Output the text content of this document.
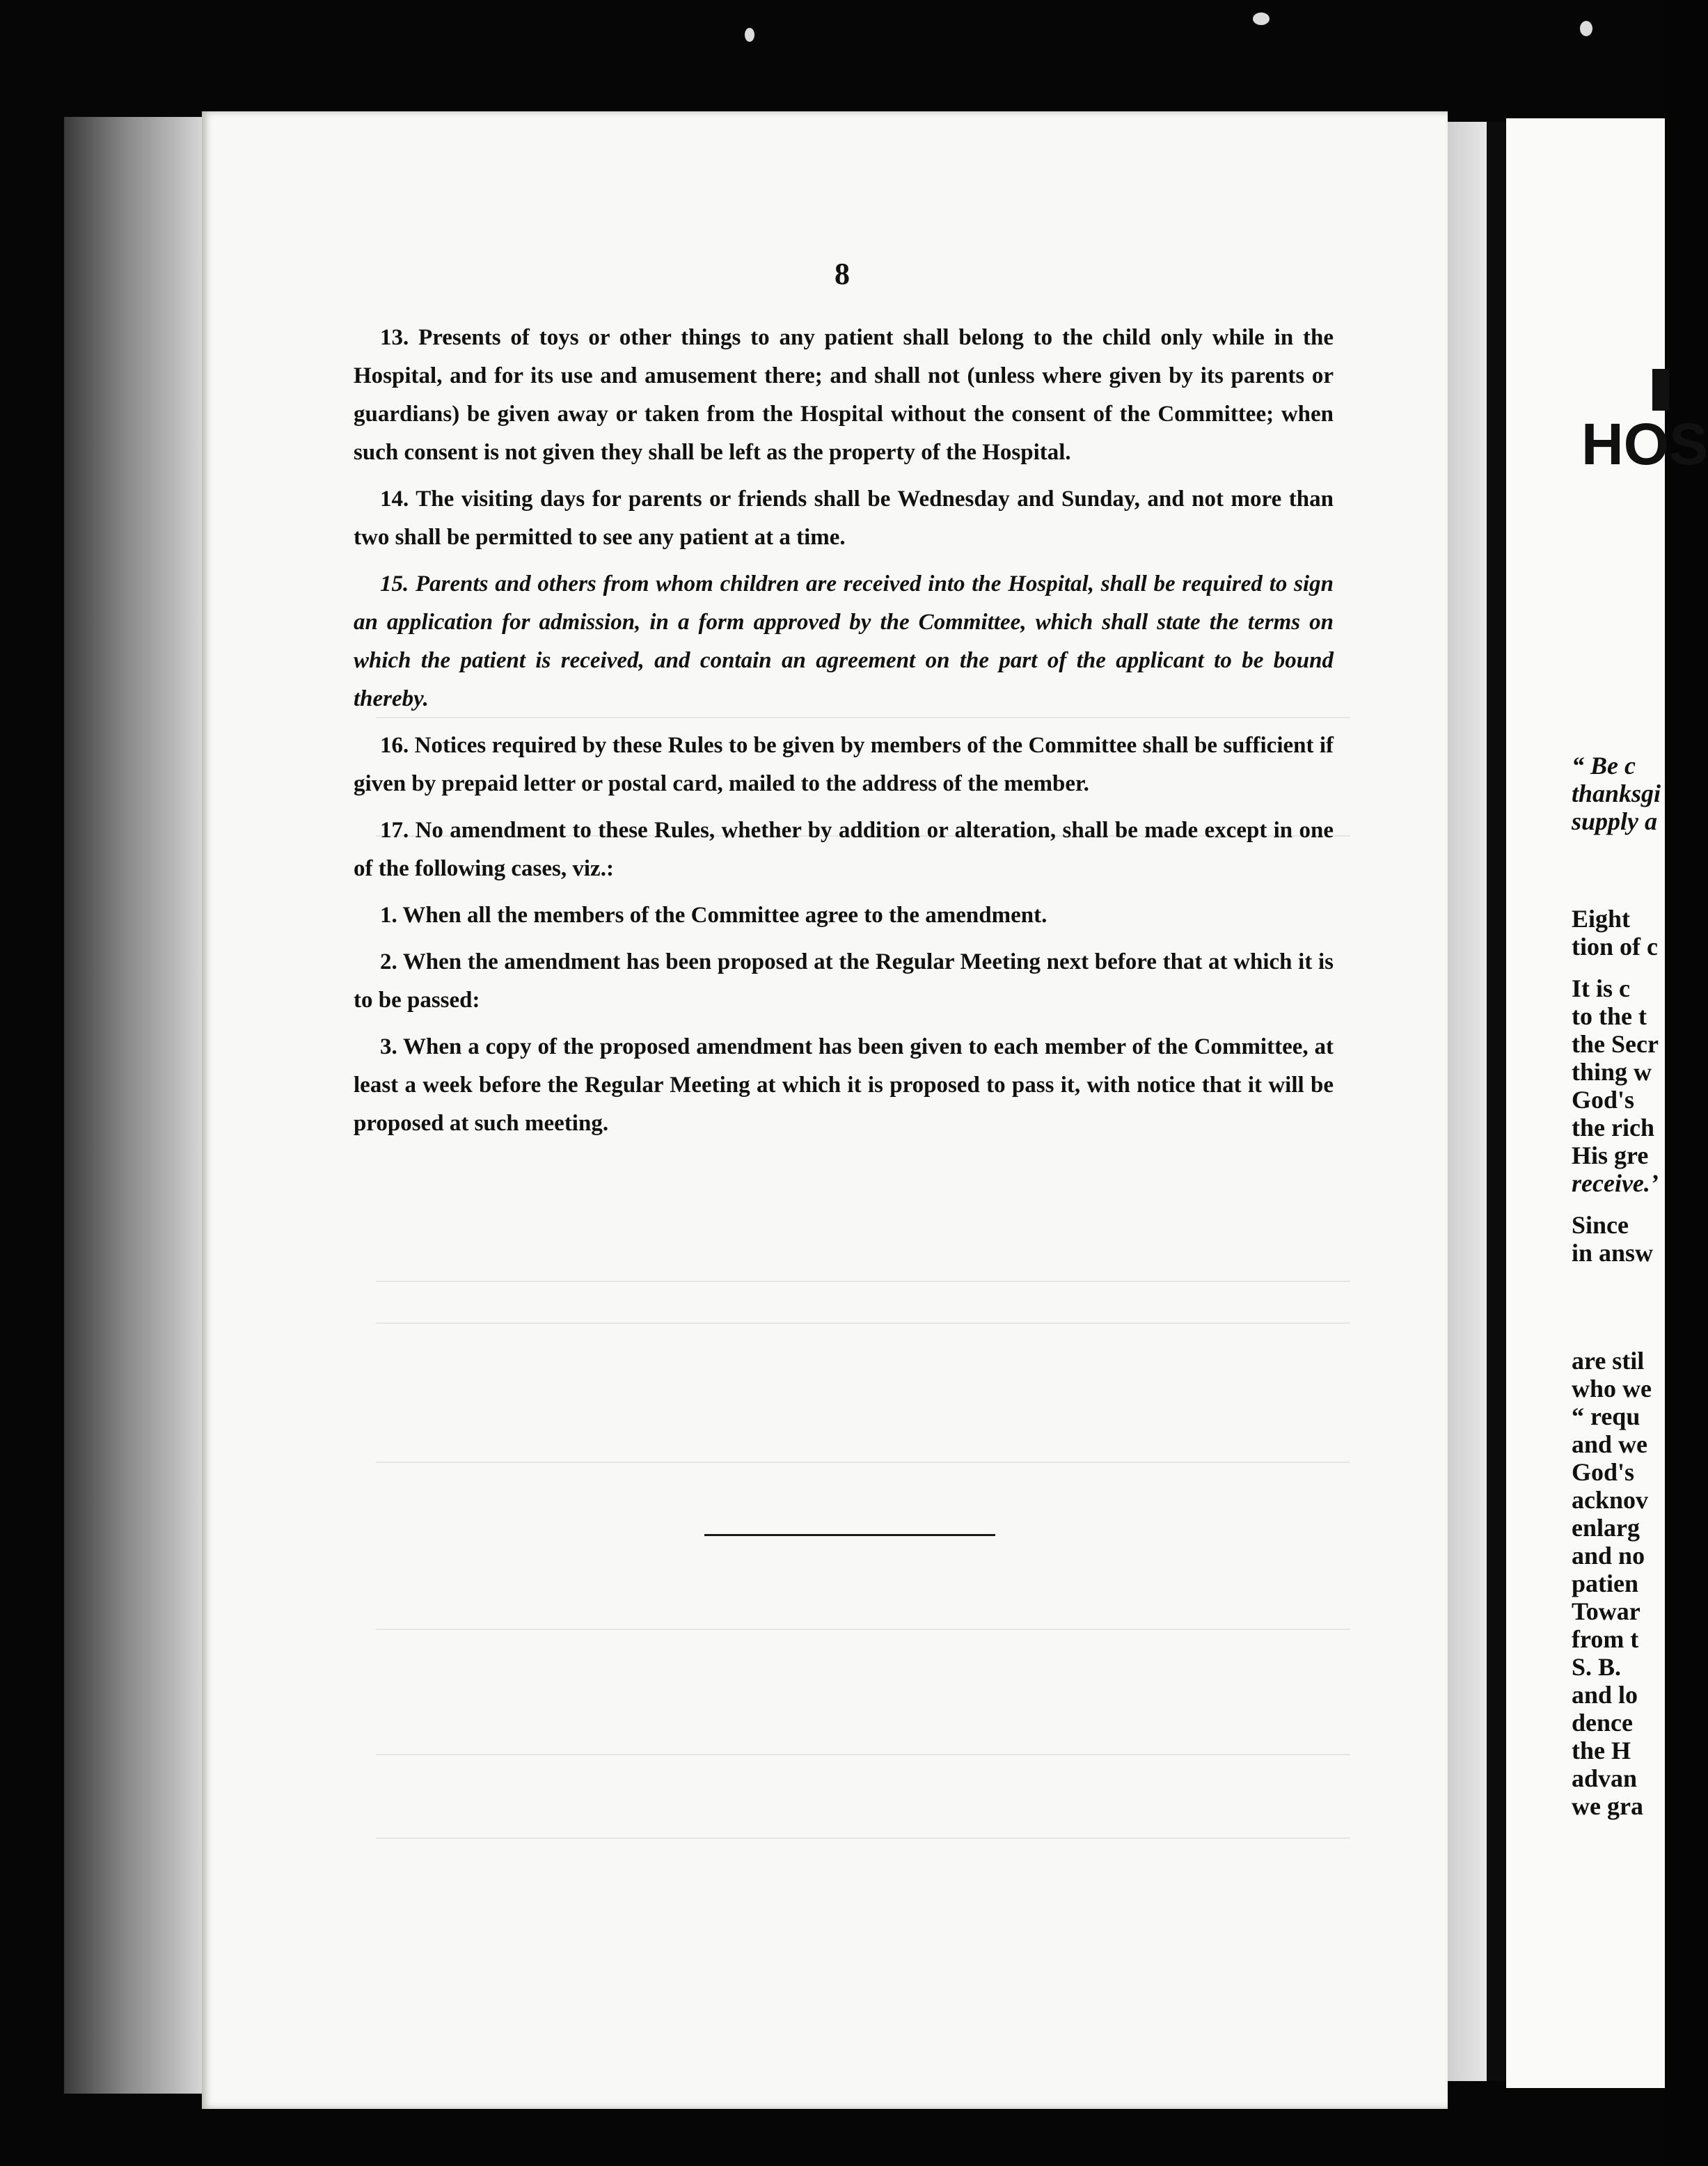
8

13. Presents of toys or other things to any patient shall belong to the child only while in the Hospital, and for its use and amusement there; and shall not (unless where given by its parents or guardians) be given away or taken from the Hospital without the consent of the Committee; when such consent is not given they shall be left as the property of the Hospital.

14. The visiting days for parents or friends shall be Wednesday and Sunday, and not more than two shall be permitted to see any patient at a time.

15. Parents and others from whom children are received into the Hospital, shall be required to sign an application for admission, in a form approved by the Committee, which shall state the terms on which the patient is received, and contain an agreement on the part of the applicant to be bound thereby.

16. Notices required by these Rules to be given by members of the Committee shall be sufficient if given by prepaid letter or postal card, mailed to the address of the member.

17. No amendment to these Rules, whether by addition or alteration, shall be made except in one of the following cases, viz.:

1. When all the members of the Committee agree to the amendment.

2. When the amendment has been proposed at the Regular Meeting next before that at which it is to be passed:

3. When a copy of the proposed amendment has been given to each member of the Committee, at least a week before the Regular Meeting at which it is proposed to pass it, with notice that it will be proposed at such meeting.

HOS
“ Be c
thanksgi
supply a
Eight
tion of c
It is c
to the t
the Secr
thing w
God's
the rich
His gre
receive.’
Since
in answ
are stil
who we
“ requ
and we
God's
acknov
enlarg
and no
patien
Towar
from t
S. B.
and lo
dence
the H
advan
we gra
